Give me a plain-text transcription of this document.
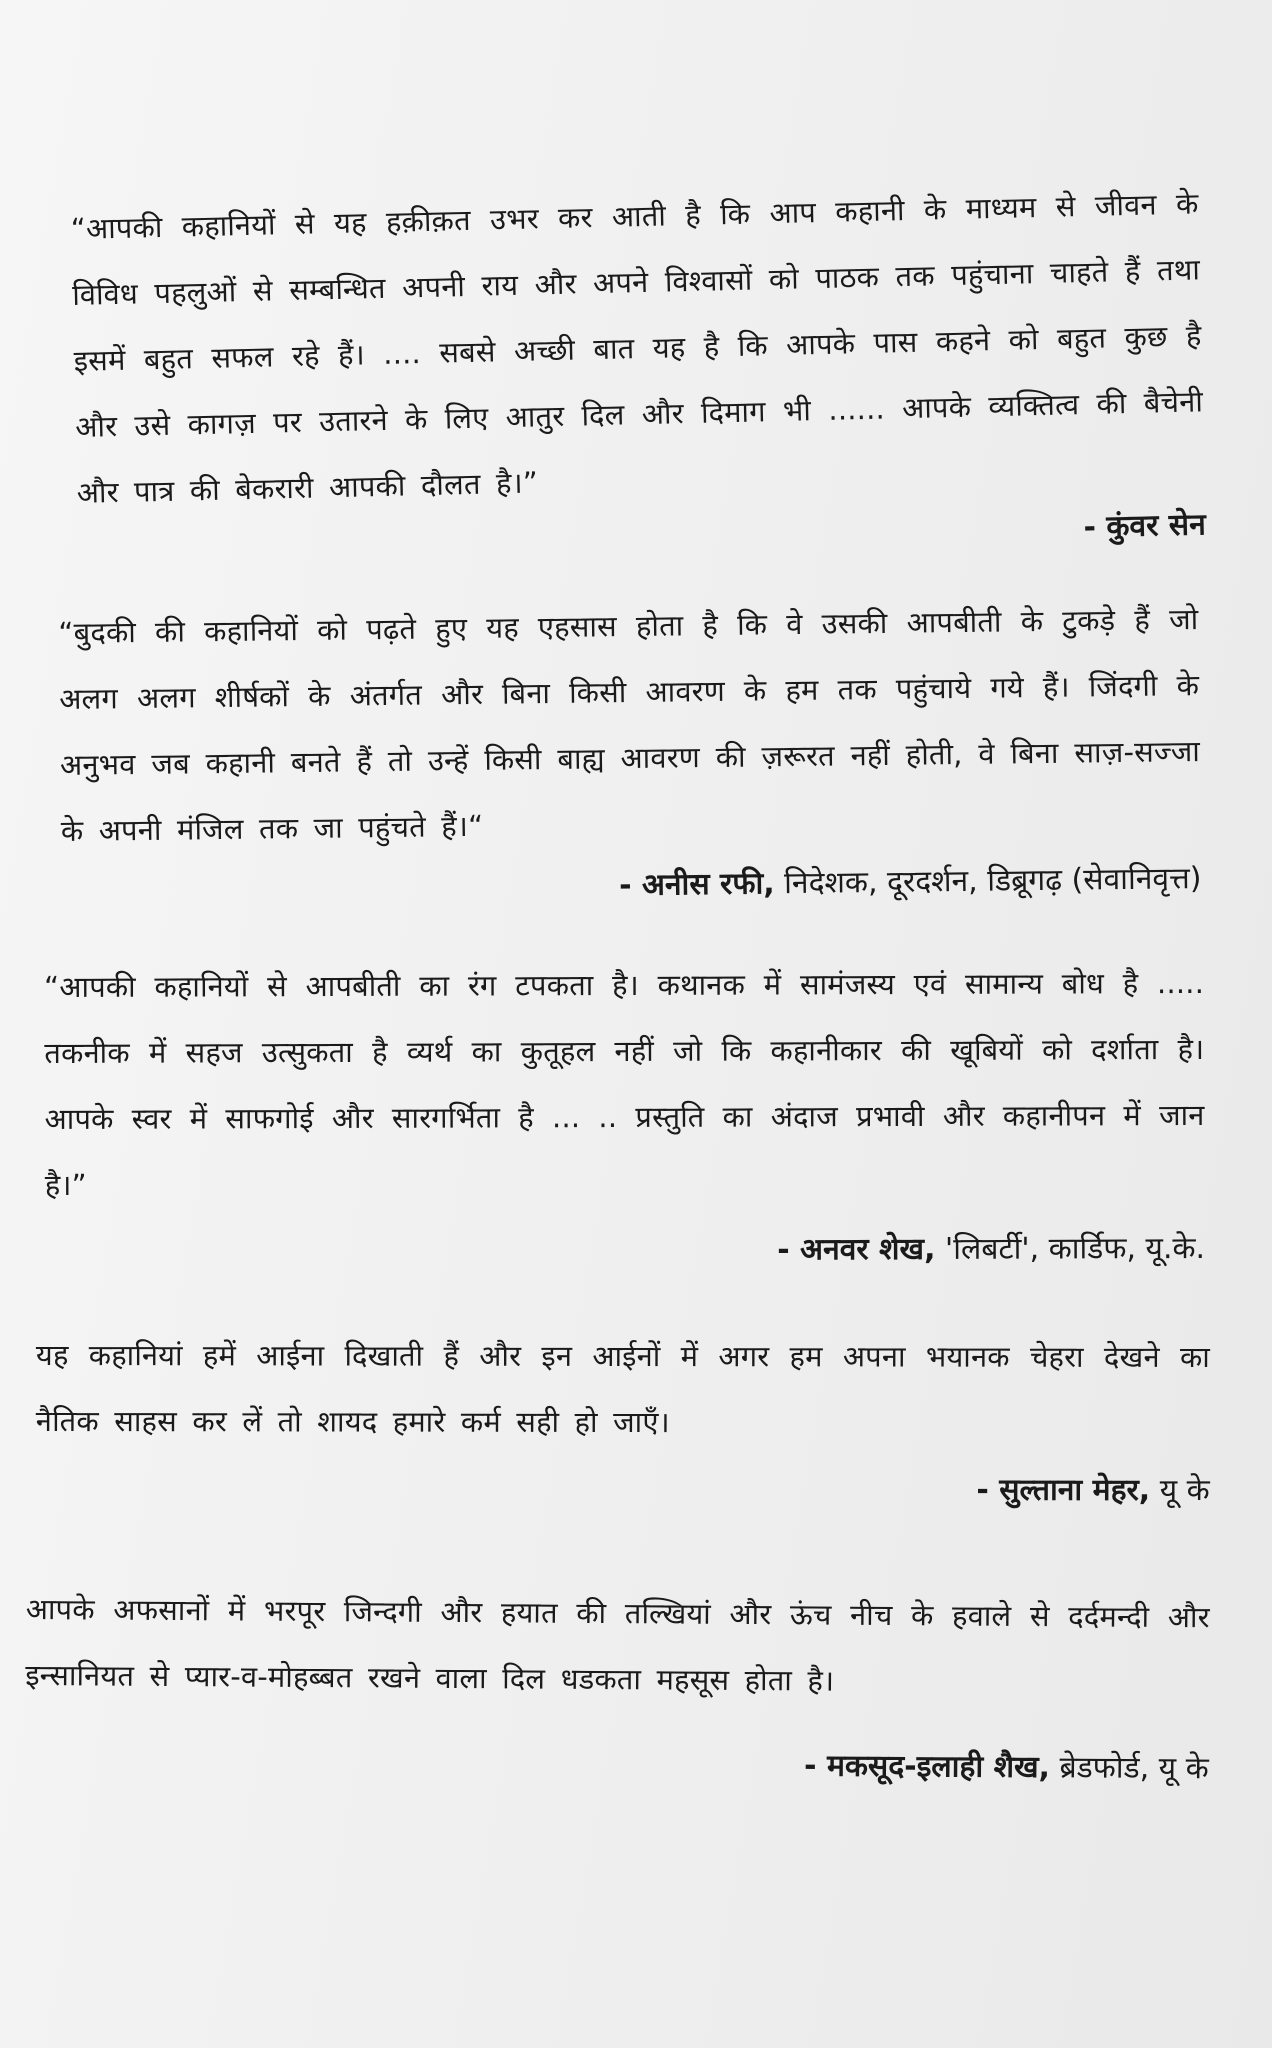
“आपकी कहानियों से यह हक़ीक़त उभर कर आती है कि आप कहानी के माध्यम से जीवन के विविध पहलुओं से सम्बन्धित अपनी राय और अपने विश्वासों को पाठक तक पहुंचाना चाहते हैं तथा इसमें बहुत सफल रहे हैं। .... सबसे अच्छी बात यह है कि आपके पास कहने को बहुत कुछ है और उसे कागज़ पर उतारने के लिए आतुर दिल और दिमाग भी ...... आपके व्यक्तित्व की बैचेनी और पात्र की बेकरारी आपकी दौलत है।”

- कुंवर सेन

“बुदकी की कहानियों को पढ़ते हुए यह एहसास होता है कि वे उसकी आपबीती के टुकड़े हैं जो अलग अलग शीर्षकों के अंतर्गत और बिना किसी आवरण के हम तक पहुंचाये गये हैं। जिंदगी के अनुभव जब कहानी बनते हैं तो उन्हें किसी बाह्य आवरण की ज़रूरत नहीं होती, वे बिना साज़-सज्जा के अपनी मंजिल तक जा पहुंचते हैं।“

- अनीस रफी, निदेशक, दूरदर्शन, डिब्रूगढ़ (सेवानिवृत्त)

“आपकी कहानियों से आपबीती का रंग टपकता है। कथानक में सामंजस्य एवं सामान्य बोध है ..... तकनीक में सहज उत्सुकता है व्यर्थ का कुतूहल नहीं जो कि कहानीकार की खूबियों को दर्शाता है। आपके स्वर में साफगोई और सारगर्भिता है ... .. प्रस्तुति का अंदाज प्रभावी और कहानीपन में जान है।”

- अनवर शेख, 'लिबर्टी', कार्डिफ, यू.के.

यह कहानियां हमें आईना दिखाती हैं और इन आईनों में अगर हम अपना भयानक चेहरा देखने का नैतिक साहस कर लें तो शायद हमारे कर्म सही हो जाएँ।

- सुल्ताना मेहर, यू के

आपके अफसानों में भरपूर जिन्दगी और हयात की तल्खियां और ऊंच नीच के हवाले से दर्दमन्दी और इन्सानियत से प्यार-व-मोहब्बत रखने वाला दिल धडकता महसूस होता है।

- मकसूद-इलाही शैख, ब्रेडफोर्ड, यू के
